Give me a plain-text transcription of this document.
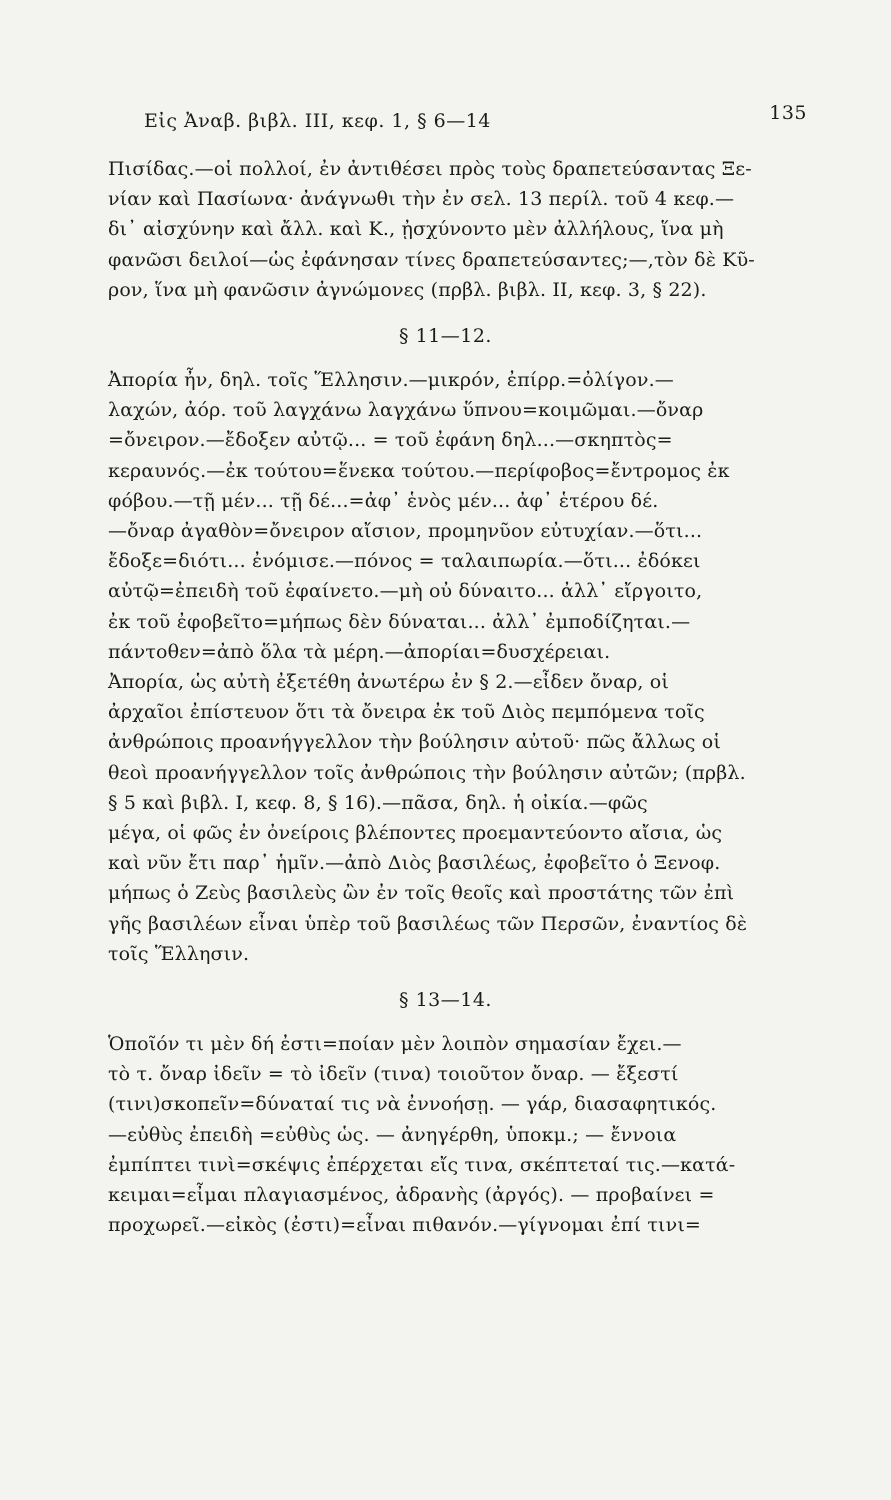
Εἰς Ἀναβ. βιβλ. III, κεφ. 1, § 6—14	135
Πισίδας.—οἱ πολλοί, ἐν ἀντιθέσει πρὸς τοὺς δραπετεύσαντας Ξε-
νίαν καὶ Πασίωνα· ἀνάγνωθι τὴν ἐν σελ. 13 περίλ. τοῦ 4 κεφ.—
δι᾽ αἰσχύνην καὶ ἄλλ. καὶ Κ., ᾐσχύνοντο μὲν ἀλλήλους, ἵνα μὴ
φανῶσι δειλοί—ὡς ἐφάνησαν τίνες δραπετεύσαντες;—,τὸν δὲ Κῦ-
ρον, ἵνα μὴ φανῶσιν ἀγνώμονες (πρβλ. βιβλ. II, κεφ. 3, § 22).
§ 11—12.
Ἀπορία ἦν, δηλ. τοῖς Ἕλλησιν.—μικρόν, ἐπίρρ.=ὀλίγον.—
λαχών, ἀόρ. τοῦ λαγχάνω λαγχάνω ὕπνου=κοιμῶμαι.—ὄναρ
=ὄνειρον.—ἔδοξεν αὐτῷ... = τοῦ ἐφάνη δηλ...—σκηπτὸς=
κεραυνός.—ἐκ τούτου=ἕνεκα τούτου.—περίφοβος=ἔντρομος ἐκ
φόβου.—τῇ μέν... τῇ δέ...=ἀφ᾽ ἑνὸς μέν... ἀφ᾽ ἑτέρου δέ.
—ὄναρ ἀγαθὸν=ὄνειρον αἴσιον, προμηνῦον εὐτυχίαν.—ὅτι...
ἔδοξε=διότι... ἐνόμισε.—πόνος = ταλαιπωρία.—ὅτι... ἐδόκει
αὐτῷ=ἐπειδὴ τοῦ ἐφαίνετο.—μὴ οὐ δύναιτο... ἀλλ᾽ εἴργοιτο,
ἐκ τοῦ ἐφοβεῖτο=μήπως δὲν δύναται... ἀλλ᾽ ἐμποδίζηται.—
πάντοθεν=ἀπὸ ὅλα τὰ μέρη.—ἀπορίαι=δυσχέρειαι.
Ἀπορία, ὡς αὐτὴ ἐξετέθη ἀνωτέρω ἐν § 2.—εἶδεν ὄναρ, οἱ
ἀρχαῖοι ἐπίστευον ὅτι τὰ ὄνειρα ἐκ τοῦ Διὸς πεμπόμενα τοῖς
ἀνθρώποις προανήγγελλον τὴν βούλησιν αὐτοῦ· πῶς ἄλλως οἱ
θεοὶ προανήγγελλον τοῖς ἀνθρώποις τὴν βούλησιν αὐτῶν; (πρβλ.
§ 5 καὶ βιβλ. I, κεφ. 8, § 16).—πᾶσα, δηλ. ἡ οἰκία.—φῶς
μέγα, οἱ φῶς ἐν ὀνείροις βλέποντες προεμαντεύοντο αἴσια, ὡς
καὶ νῦν ἔτι παρ᾽ ἡμῖν.—ἀπὸ Διὸς βασιλέως, ἐφοβεῖτο ὁ Ξενοφ.
μήπως ὁ Ζεὺς βασιλεὺς ὢν ἐν τοῖς θεοῖς καὶ προστάτης τῶν ἐπὶ
γῆς βασιλέων εἶναι ὑπὲρ τοῦ βασιλέως τῶν Περσῶν, ἐναντίος δὲ
τοῖς Ἕλλησιν.
§ 13—14.
Ὁποῖόν τι μὲν δή ἐστι=ποίαν μὲν λοιπὸν σημασίαν ἔχει.—
τὸ τ. ὄναρ ἰδεῖν = τὸ ἰδεῖν (τινα) τοιοῦτον ὄναρ. — ἔξεστί
(τινι)σκοπεῖν=δύναταί τις νὰ ἐννοήσῃ. — γάρ, διασαφητικός.
—εὐθὺς ἐπειδὴ =εὐθὺς ὡς. — ἀνηγέρθη, ὑποκμ.; — ἔννοια
ἐμπίπτει τινὶ=σκέψις ἐπέρχεται εἴς τινα, σκέπτεταί τις.—κατά-
κειμαι=εἶμαι πλαγιασμένος, ἀδρανὴς (ἀργός). — προβαίνει =
προχωρεῖ.—εἰκὸς (ἐστι)=εἶναι πιθανόν.—γίγνομαι ἐπί τινι=
